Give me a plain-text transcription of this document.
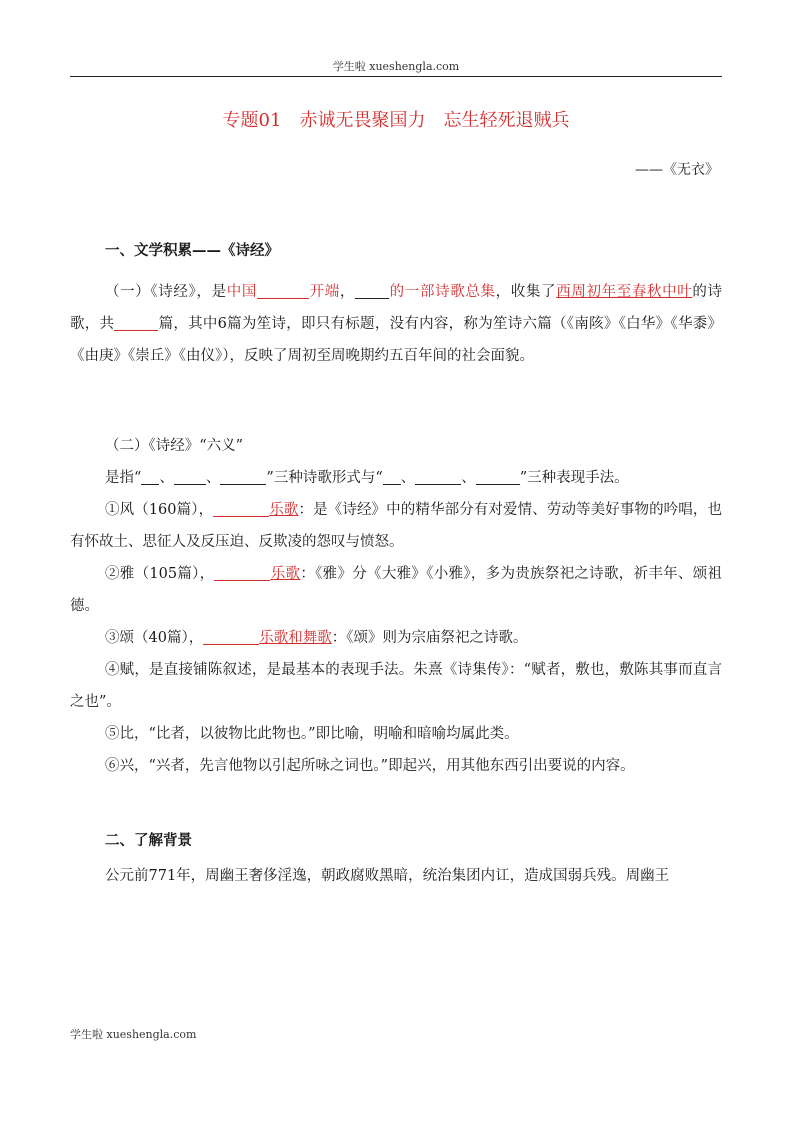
学生啦 xueshengla.com
专题01　赤诚无畏聚国力　忘生轻死退贼兵
——《无衣》
一、文学积累——《诗经》

（一）《诗经》，是中国	开端， 的一部诗歌总集，收集了西周初年至春秋中叶的诗歌，共	篇，其中6篇为笙诗，即只有标题，没有内容，称为笙诗六篇（《南陔》《白华》《华黍》《由庚》《崇丘》《由仪》），反映了周初至周晚期约五百年间的社会面貌。

（二）《诗经》“六义”

是指“ 、 、	”三种诗歌形式与“ 、	、	”三种表现手法。

①风（160篇），	乐歌：是《诗经》中的精华部分有对爱情、劳动等美好事物的吟唱，也有怀故土、思征人及反压迫、反欺凌的怨叹与愤怒。

②雅（105篇），	乐歌：《雅》分《大雅》《小雅》，多为贵族祭祀之诗歌，祈丰年、颂祖德。

③颂（40篇），	乐歌和舞歌：《颂》则为宗庙祭祀之诗歌。

④赋，是直接铺陈叙述，是最基本的表现手法。朱熹《诗集传》：“赋者，敷也，敷陈其事而直言之也”。

⑤比，“比者，以彼物比此物也。”即比喻，明喻和暗喻均属此类。

⑥兴，“兴者，先言他物以引起所咏之词也。”即起兴，用其他东西引出要说的内容。

二、了解背景

公元前771年，周幽王奢侈淫逸，朝政腐败黑暗，统治集团内讧，造成国弱兵残。周幽王

学生啦 xueshengla.com
